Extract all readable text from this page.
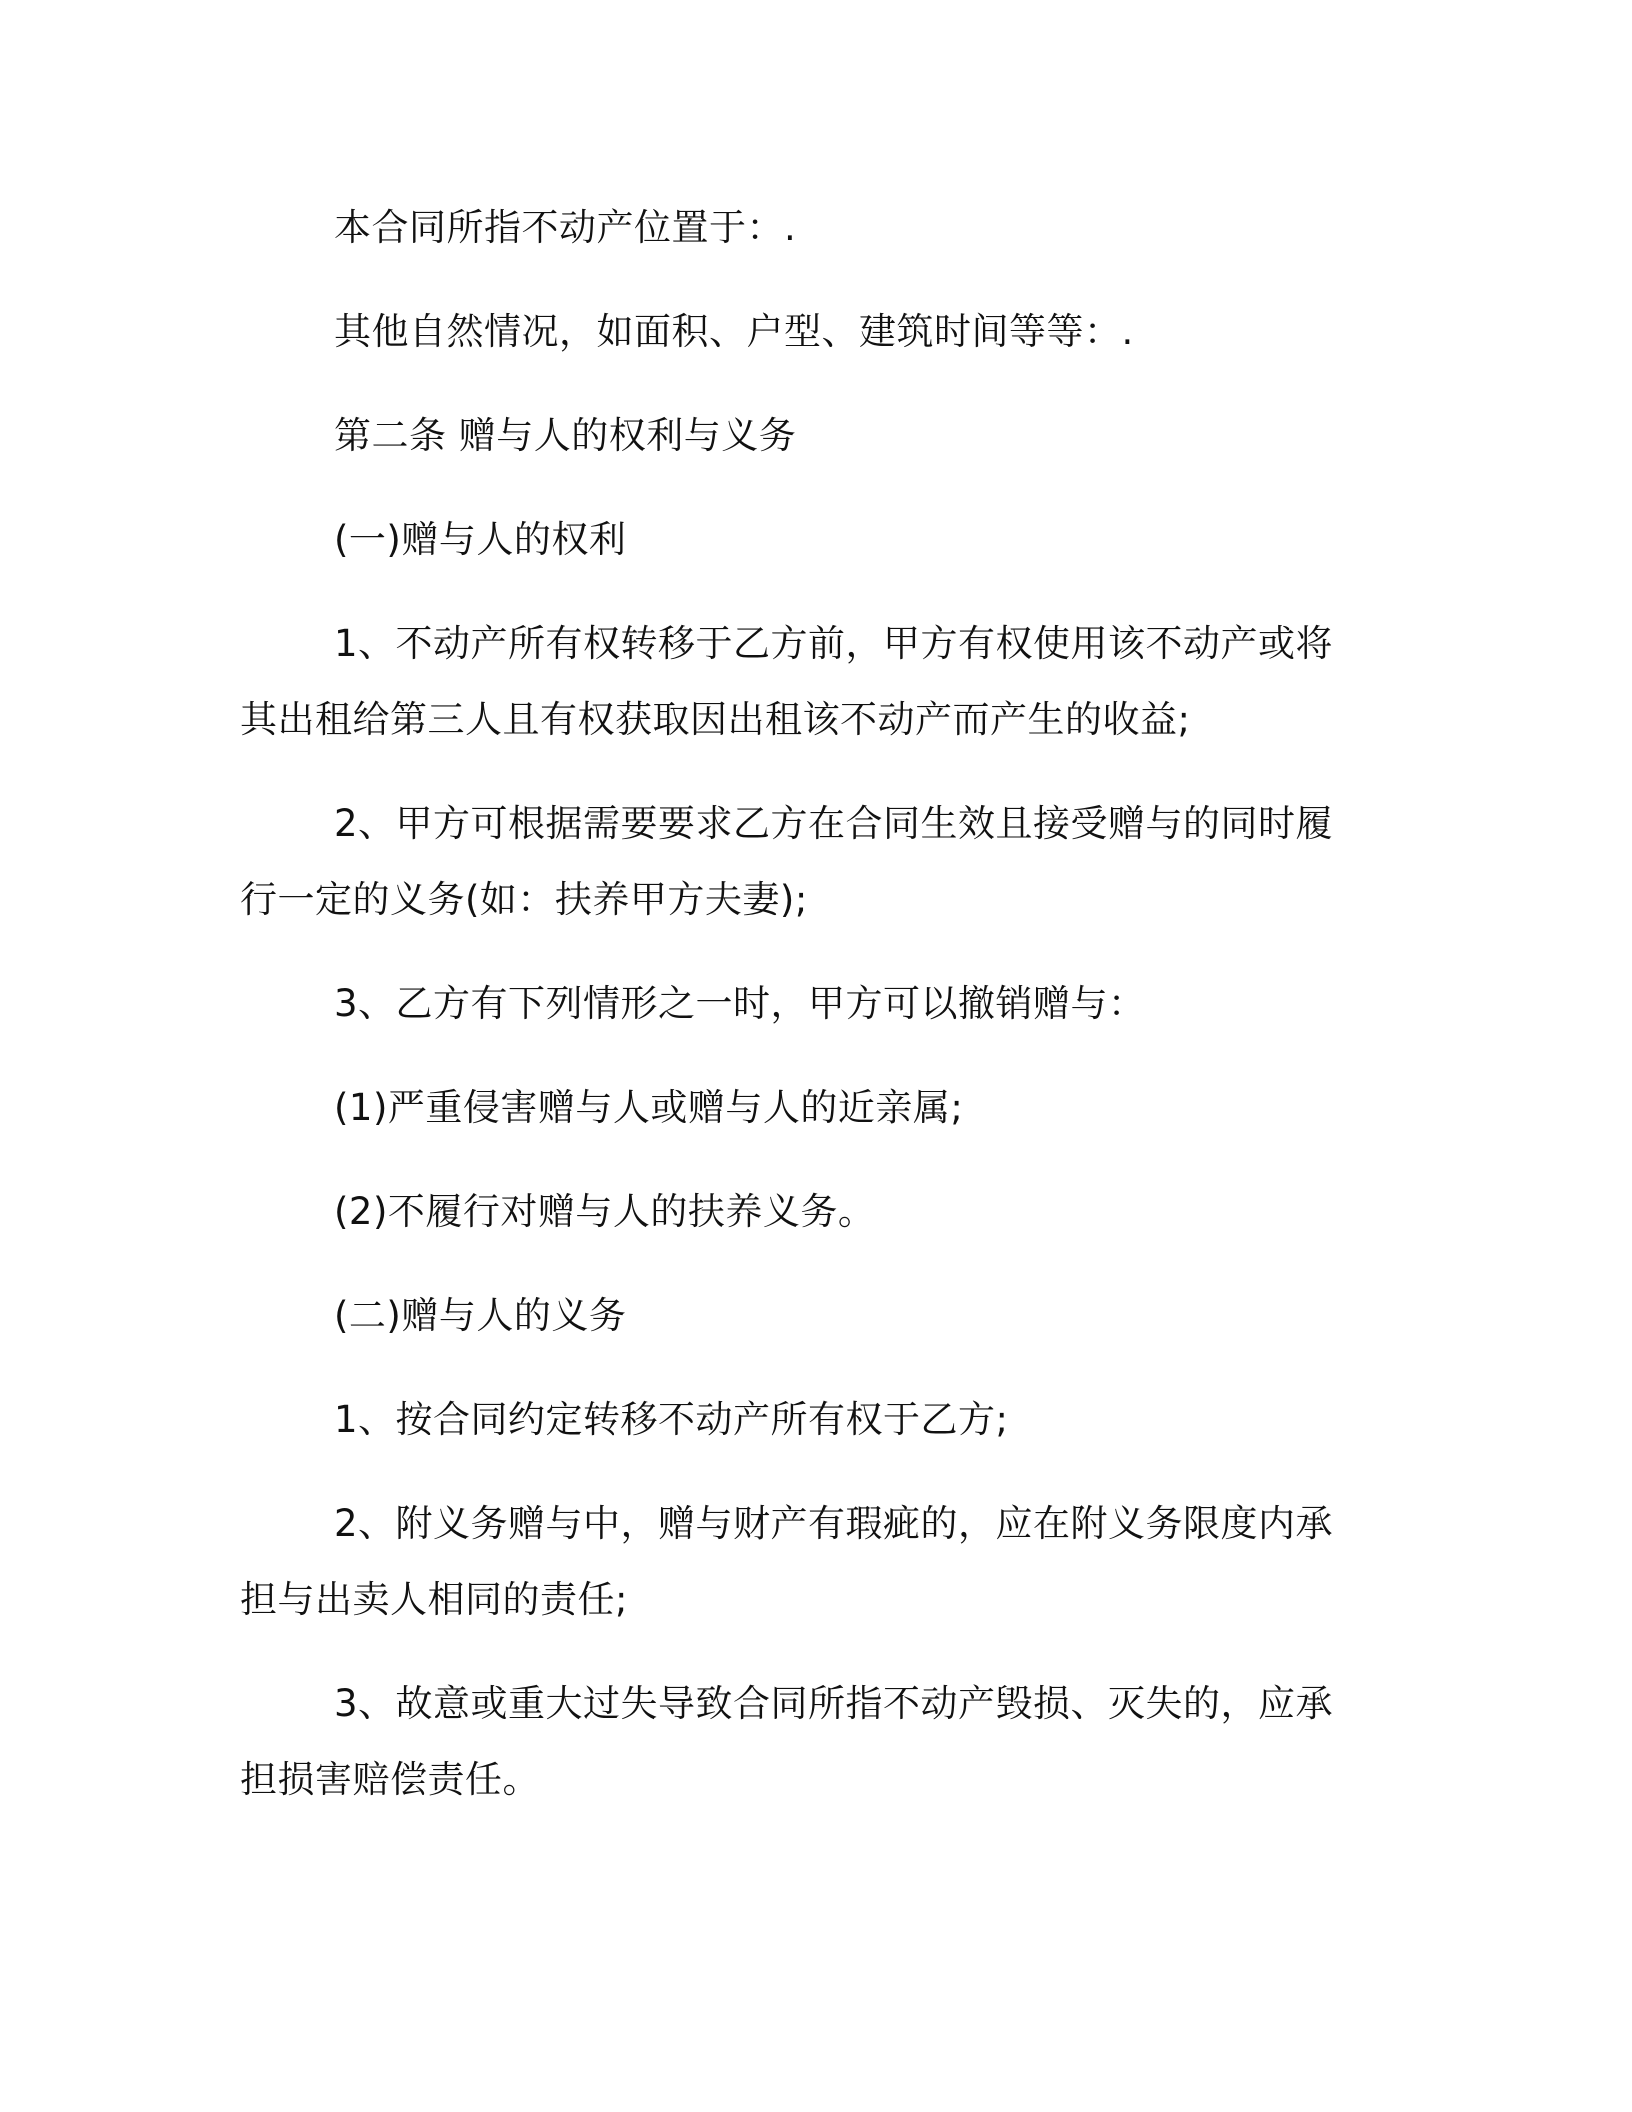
本合同所指不动产位置于：.

其他自然情况，如面积、户型、建筑时间等等：.

第二条 赠与人的权利与义务

(一)赠与人的权利

1、不动产所有权转移于乙方前，甲方有权使用该不动产或将其出租给第三人且有权获取因出租该不动产而产生的收益;

2、甲方可根据需要要求乙方在合同生效且接受赠与的同时履行一定的义务(如：扶养甲方夫妻);

3、乙方有下列情形之一时，甲方可以撤销赠与：

(1)严重侵害赠与人或赠与人的近亲属;

(2)不履行对赠与人的扶养义务。

(二)赠与人的义务

1、按合同约定转移不动产所有权于乙方;

2、附义务赠与中，赠与财产有瑕疵的，应在附义务限度内承担与出卖人相同的责任;

3、故意或重大过失导致合同所指不动产毁损、灭失的，应承担损害赔偿责任。
